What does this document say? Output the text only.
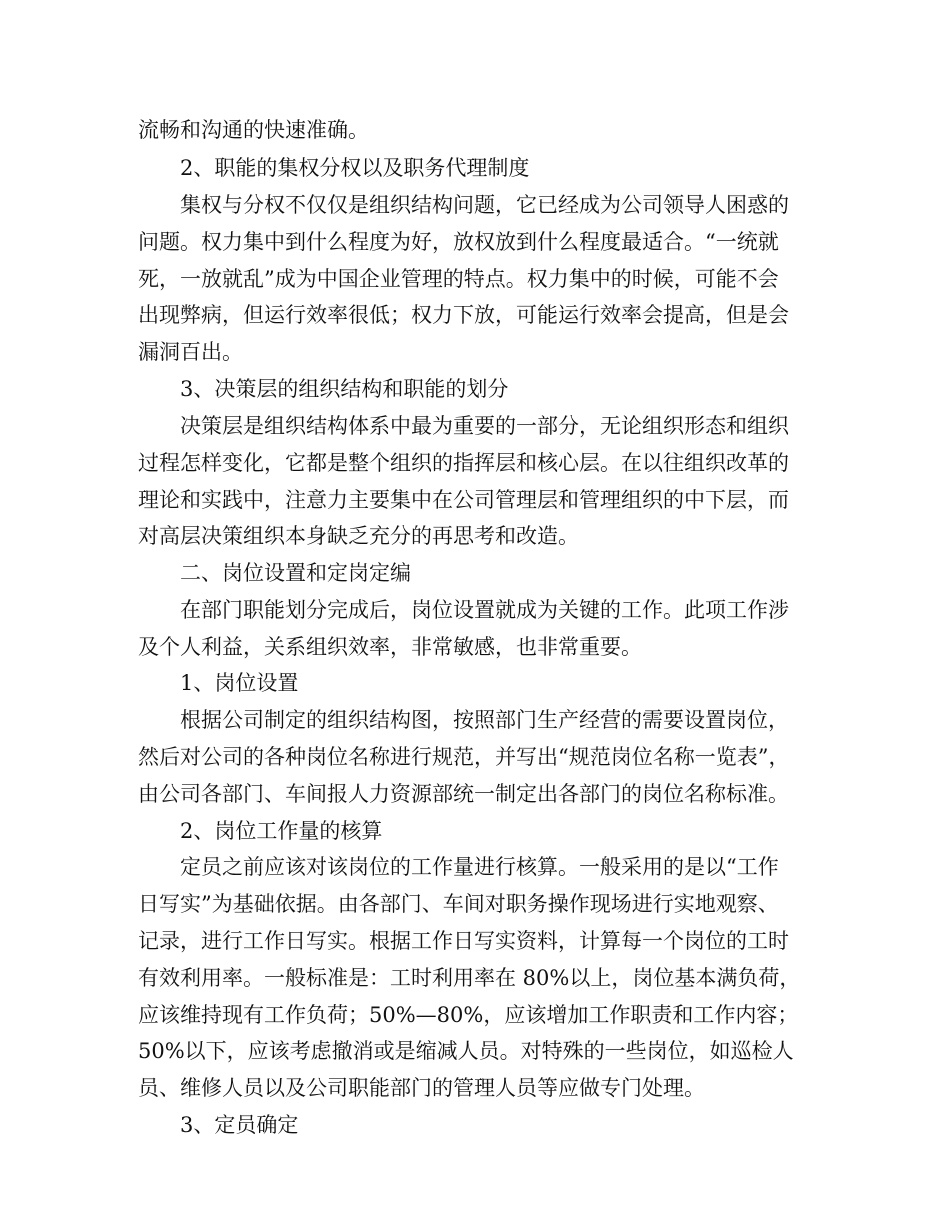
流畅和沟通的快速准确。
2、职能的集权分权以及职务代理制度
集权与分权不仅仅是组织结构问题，它已经成为公司领导人困惑的
问题。权力集中到什么程度为好，放权放到什么程度最适合。“一统就
死，一放就乱”成为中国企业管理的特点。权力集中的时候，可能不会
出现弊病，但运行效率很低；权力下放，可能运行效率会提高，但是会
漏洞百出。
3、决策层的组织结构和职能的划分
决策层是组织结构体系中最为重要的一部分，无论组织形态和组织
过程怎样变化，它都是整个组织的指挥层和核心层。在以往组织改革的
理论和实践中，注意力主要集中在公司管理层和管理组织的中下层，而
对高层决策组织本身缺乏充分的再思考和改造。
二、岗位设置和定岗定编
在部门职能划分完成后，岗位设置就成为关键的工作。此项工作涉
及个人利益，关系组织效率，非常敏感，也非常重要。
1、岗位设置
根据公司制定的组织结构图，按照部门生产经营的需要设置岗位，
然后对公司的各种岗位名称进行规范，并写出“规范岗位名称一览表”，
由公司各部门、车间报人力资源部统一制定出各部门的岗位名称标准。
2、岗位工作量的核算
定员之前应该对该岗位的工作量进行核算。一般采用的是以“工作
日写实”为基础依据。由各部门、车间对职务操作现场进行实地观察、
记录，进行工作日写实。根据工作日写实资料，计算每一个岗位的工时
有效利用率。一般标准是：工时利用率在 80%以上，岗位基本满负荷，
应该维持现有工作负荷；50%—80%，应该增加工作职责和工作内容；
50%以下，应该考虑撤消或是缩减人员。对特殊的一些岗位，如巡检人
员、维修人员以及公司职能部门的管理人员等应做专门处理。
3、定员确定
